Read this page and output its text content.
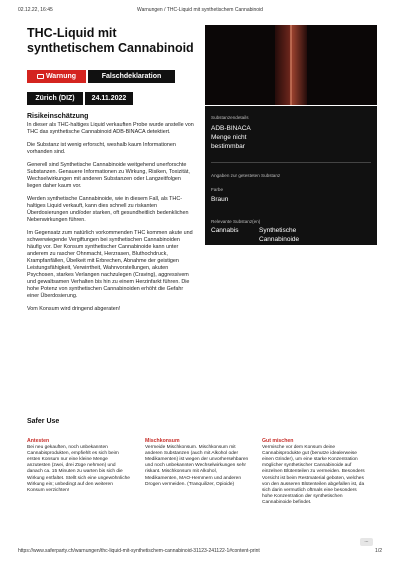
02.12.22, 16:45	Warnungen / THC-Liquid mit synthetischem Cannabinoid
THC-Liquid mit synthetischem Cannabinoid
Warnung	Falschdeklaration
Zürich (DIZ)	24.11.2022
Risikeinschätzung

In dieser als THC-haltiges Liquid verkauften Probe wurde anstelle von THC das synthetische Cannabinoid ADB-BINACA detektiert.

Die Substanz ist wenig erforscht, weshalb kaum Informationen vorhanden sind.

Generell sind Synthetische Cannabinoide weitgehend unerforschte Substanzen. Genauere Informationen zu Wirkung, Risiken, Toxizität, Wechselwirkungen mit anderen Substanzen oder Langzeitfolgen liegen daher kaum vor.

Werden synthetische Cannabinoide, wie in diesem Fall, als THC-haltiges Liquid verkauft, kann dies schnell zu riskanten Überdosierungen und/oder starken, oft gesundheitlich bedenklichen Nebenwirkungen führen.

Im Gegensatz zum natürlich vorkommenden THC kommen akute und schwerwiegende Vergiftungen bei synthetischen Cannabinoiden häufig vor. Der Konsum synthetischer Cannabinoide kann unter anderem zu rascher Ohnmacht, Herzrasen, Bluthochdruck, Krampfanfällen, Übelkeit mit Erbrechen, Abnahme der geistigen Leistungsfähigkeit, Verwirrtheit, Wahnvorstellungen, akuten Psychosen, starkes Verlangen nachzulegen (Craving), aggressivem und gewaltsamen Verhalten bis hin zu einem Herzinfarkt führen. Die hohe Potenz von synthetischen Cannabinoiden erhöht die Gefahr einer Überdosierung.

Vom Konsum wird dringend abgeraten!

Substanzendetails
ADB-BINACA
Menge nicht
bestimmbar
Angaben zur getesteten Substanz
Farbe
Braun
Relevante Substanz(en)
Cannabis	Synthetische
Cannabinoide
Safer Use
Antesten
Bei neu gekauften, noch unbekannten Cannabisprodukten, empfiehlt es sich beim ersten Konsum nur eine kleine Menge anzutesten (zwei, drei Züge nehmen) und danach ca. 15 Minuten zu warten bis sich die Wirkung entfaltet. Stellt sich eine ungewöhnliche Wirkung ein; unbedingt auf den weiteren Konsum verzichten!
Mischkonsum
Vermeide Mischkonsum. Mischkonsum mit anderen Substanzen (auch mit Alkohol oder Medikamenten) ist wegen der unvorhersehbaren und noch unbekannten Wechselwirkungen sehr riskant. Mischkonsum mit Alkohol, Medikamenten, MAO-Hemmern und anderen Drogen vermeiden. (Tranquilizer, Opioide)
Gut mischen
Vermische vor dem Konsum deine Cannabisprodukte gut (benutze idealerweise einen Grinder), um eine starke Konzentration möglicher synthetischer Cannabinoide auf einzelnen Blütenteilen zu vermeiden. Besonders Vorsicht ist beim Restmaterial geboten, welches von den äusseren Blütenteilen abgefallen ist, da sich darin vermutlich oftmals eine besonders hohe Konzentration der synthetischen Cannabinoide befindet.
...
https://www.saferparty.ch/warnungen/thc-liquid-mit-synthetischem-cannabinoid-31123-241122-1#content-print	1/2
